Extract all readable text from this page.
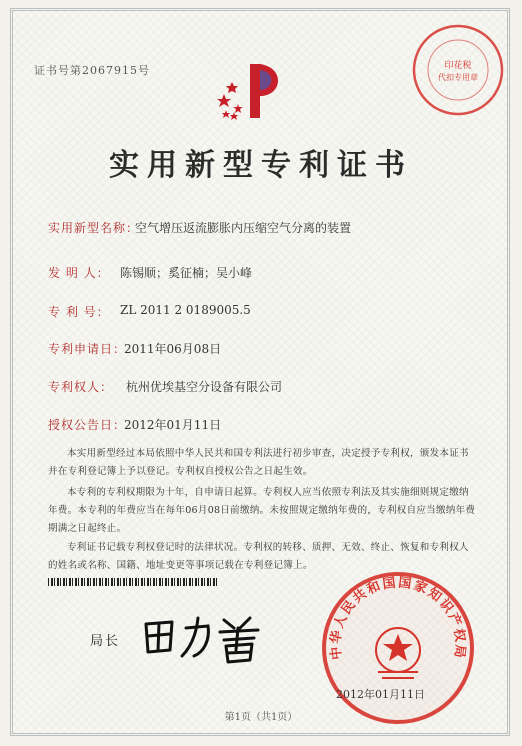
印花税
代扣专用章
证书号第2067915号
实用新型专利证书
实用新型名称：
空气增压返流膨胀内压缩空气分离的装置
发 明 人： 陈锡顺；奚征楠；吴小峰
专 利 号： ZL 2011 2 0189005.5
专利申请日：
2011年06月08日
专利权人： 杭州优埃基空分设备有限公司
授权公告日：
2012年01月11日
本实用新型经过本局依照中华人民共和国专利法进行初步审查，决定授予专利权，颁发本证书并在专利登记簿上予以登记。专利权自授权公告之日起生效。
本专利的专利权期限为十年，自申请日起算。专利权人应当依照专利法及其实施细则规定缴纳年费。本专利的年费应当在每年06月08日前缴纳。未按照规定缴纳年费的，专利权自应当缴纳年费期满之日起终止。
专利证书记载专利权登记时的法律状况。专利权的转移、质押、无效、终止、恢复和专利权人的姓名或名称、国籍、地址变更等事项记载在专利登记簿上。
局长
中华人民共和国国家知识产权局
2012年01月11日
第1页（共1页）
